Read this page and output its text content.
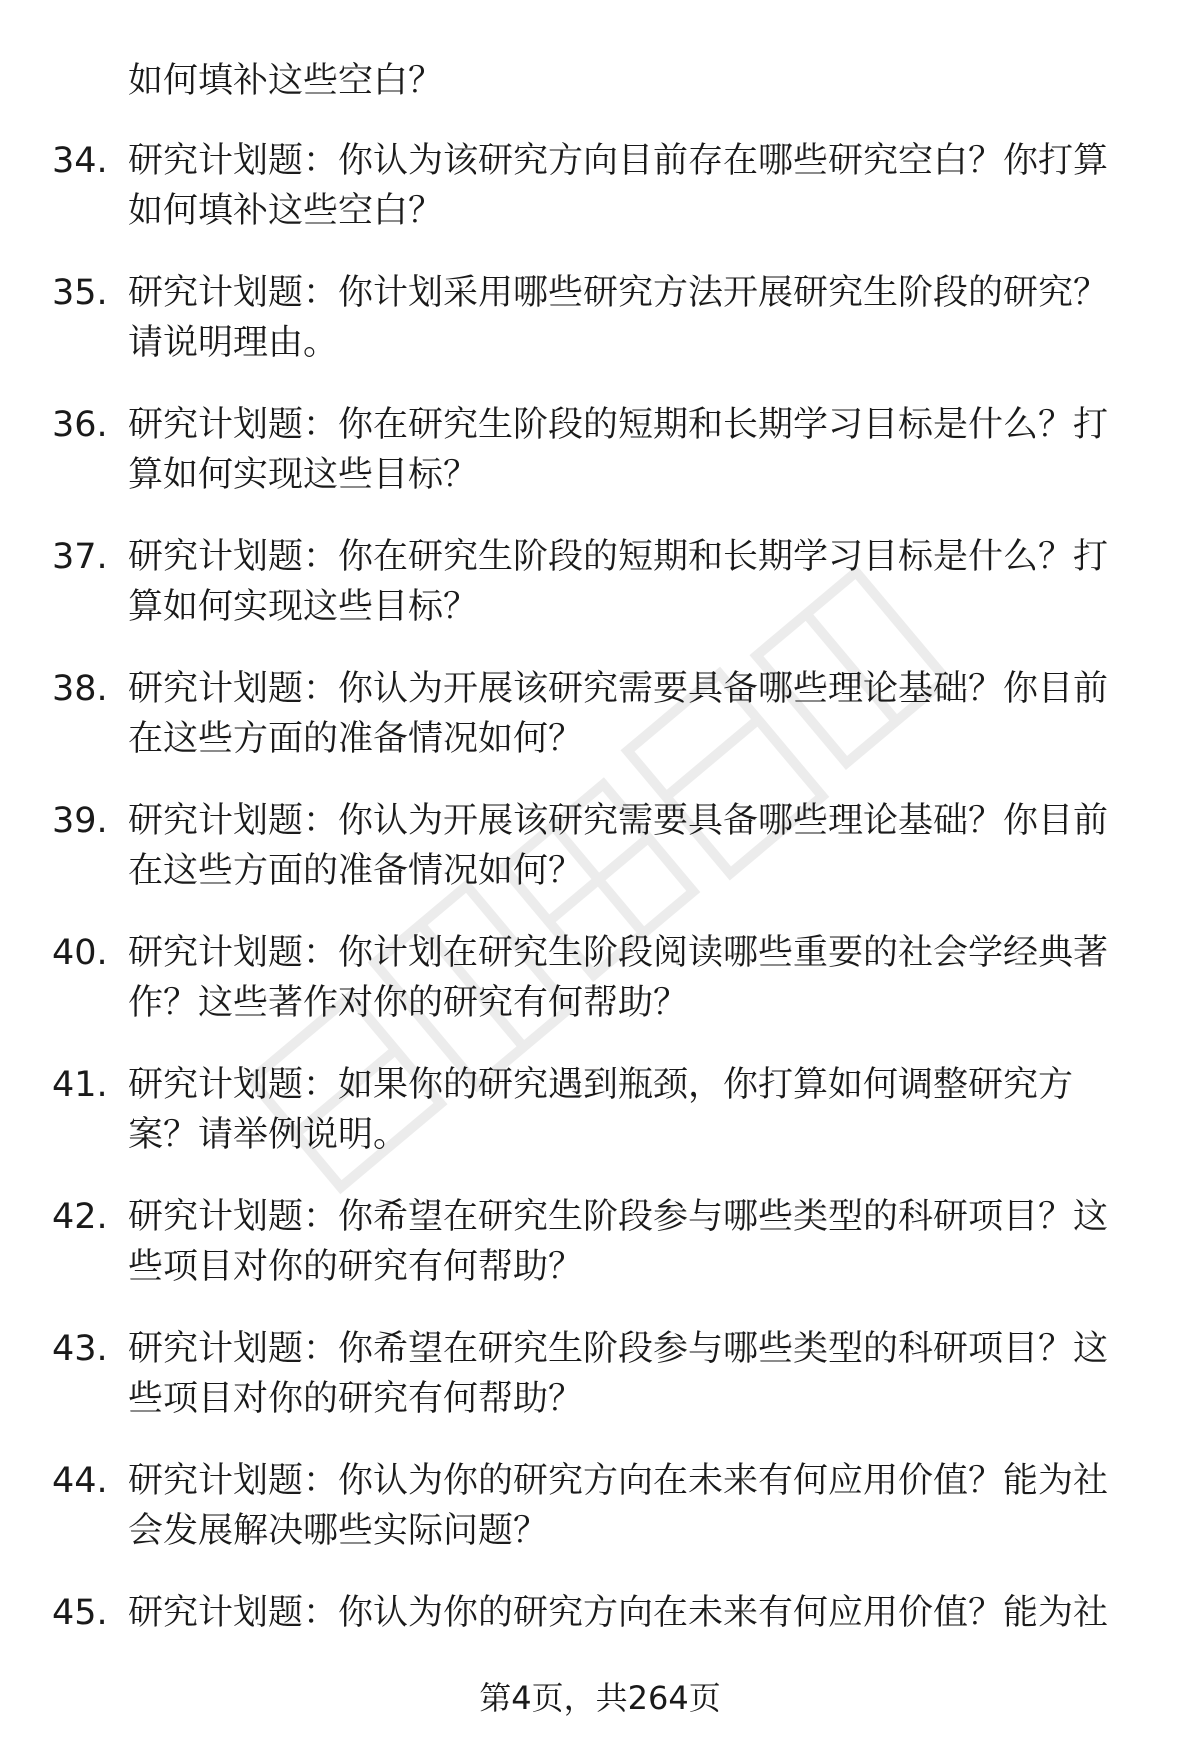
如何填补这些空白？

34. 研究计划题：你认为该研究方向目前存在哪些研究空白？你打算如何填补这些空白？

35. 研究计划题：你计划采用哪些研究方法开展研究生阶段的研究？请说明理由。

36. 研究计划题：你在研究生阶段的短期和长期学习目标是什么？打算如何实现这些目标？

37. 研究计划题：你在研究生阶段的短期和长期学习目标是什么？打算如何实现这些目标？

38. 研究计划题：你认为开展该研究需要具备哪些理论基础？你目前在这些方面的准备情况如何？

39. 研究计划题：你认为开展该研究需要具备哪些理论基础？你目前在这些方面的准备情况如何？

40. 研究计划题：你计划在研究生阶段阅读哪些重要的社会学经典著作？这些著作对你的研究有何帮助？

41. 研究计划题：如果你的研究遇到瓶颈，你打算如何调整研究方案？请举例说明。

42. 研究计划题：你希望在研究生阶段参与哪些类型的科研项目？这些项目对你的研究有何帮助？

43. 研究计划题：你希望在研究生阶段参与哪些类型的科研项目？这些项目对你的研究有何帮助？

44. 研究计划题：你认为你的研究方向在未来有何应用价值？能为社会发展解决哪些实际问题？

45. 研究计划题：你认为你的研究方向在未来有何应用价值？能为社

第4页，共264页
